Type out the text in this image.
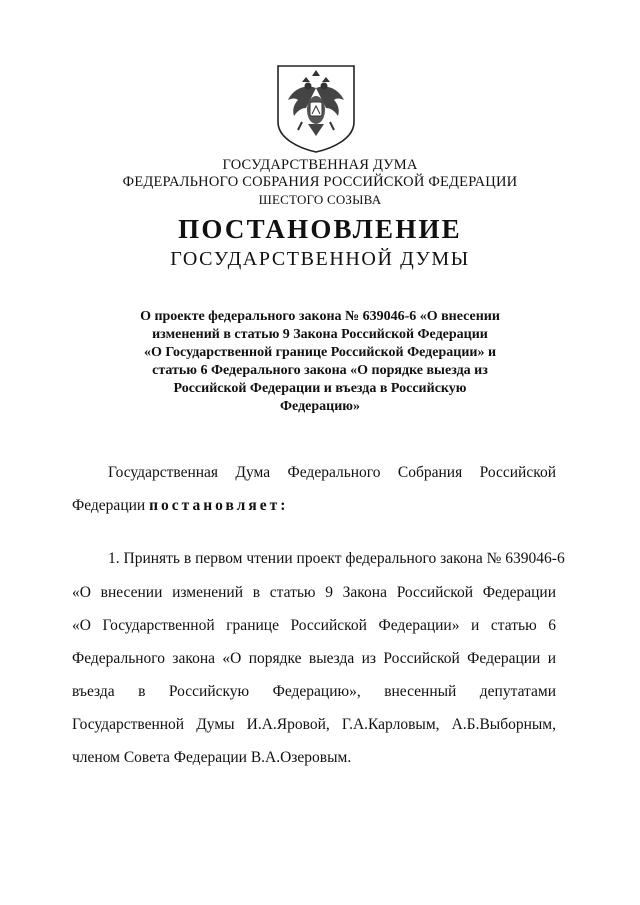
ГОСУДАРСТВЕННАЯ ДУМА
ФЕДЕРАЛЬНОГО СОБРАНИЯ РОССИЙСКОЙ ФЕДЕРАЦИИ
ШЕСТОГО СОЗЫВА
ПОСТАНОВЛЕНИЕ
ГОСУДАРСТВЕННОЙ ДУМЫ
О проекте федерального закона № 639046-6 «О внесении
изменений в статью 9 Закона Российской Федерации
«О Государственной границе Российской Федерации» и
статью 6 Федерального закона «О порядке выезда из
Российской Федерации и въезда в Российскую
Федерацию»
Государственная Дума Федерального Собрания Российской
Федерации постановляет:
1. Принять в первом чтении проект федерального закона № 639046-6
«О внесении изменений в статью 9 Закона Российской Федерации
«О Государственной границе Российской Федерации» и статью 6
Федерального закона «О порядке выезда из Российской Федерации и
въезда в Российскую Федерацию», внесенный депутатами
Государственной Думы И.А.Яровой, Г.А.Карловым, А.Б.Выборным,
членом Совета Федерации В.А.Озеровым.
